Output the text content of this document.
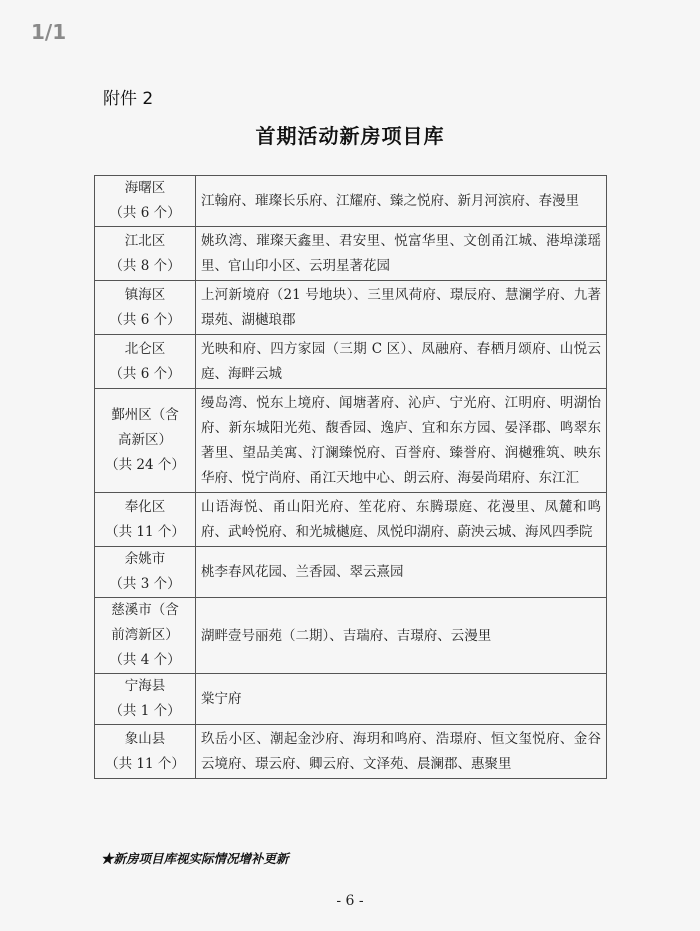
1/1
附件 2
首期活动新房项目库
海曙区
（共 6 个）	江翰府、璀璨长乐府、江耀府、臻之悦府、新月河滨府、春漫里

江北区
（共 8 个）	姚玖湾、璀璨天鑫里、君安里、悦富华里、文创甬江城、港埠漾瑶里、官山印小区、云玥星著花园

镇海区
（共 6 个）	上河新境府（21 号地块）、三里风荷府、璟辰府、慧澜学府、九著璟苑、湖樾琅郡

北仑区
（共 6 个）	光映和府、四方家园（三期 C 区）、凤融府、春栖月颂府、山悦云庭、海畔云城

鄞州区（含
高新区）
（共 24 个）	缦岛湾、悦东上境府、闻塘著府、沁庐、宁光府、江明府、明湖怡府、新东城阳光苑、馥香园、逸庐、宜和东方园、晏泽郡、鸣翠东著里、望品美寓、汀澜臻悦府、百誉府、臻誉府、润樾雅筑、映东华府、悦宁尚府、甬江天地中心、朗云府、海晏尚珺府、东江汇

奉化区
（共 11 个）	山语海悦、甬山阳光府、笙花府、东腾璟庭、花漫里、凤麓和鸣府、武岭悦府、和光城樾庭、凤悦印湖府、蔚泱云城、海风四季院

余姚市
（共 3 个）	桃李春风花园、兰香园、翠云熹园

慈溪市（含
前湾新区）
（共 4 个）	湖畔壹号丽苑（二期）、吉瑞府、吉璟府、云漫里

宁海县
（共 1 个）	棠宁府

象山县
（共 11 个）	玖岳小区、潮起金沙府、海玥和鸣府、浩璟府、恒文玺悦府、金谷云境府、璟云府、卿云府、文泽苑、晨澜郡、惠聚里
★新房项目库视实际情况增补更新
- 6 -
